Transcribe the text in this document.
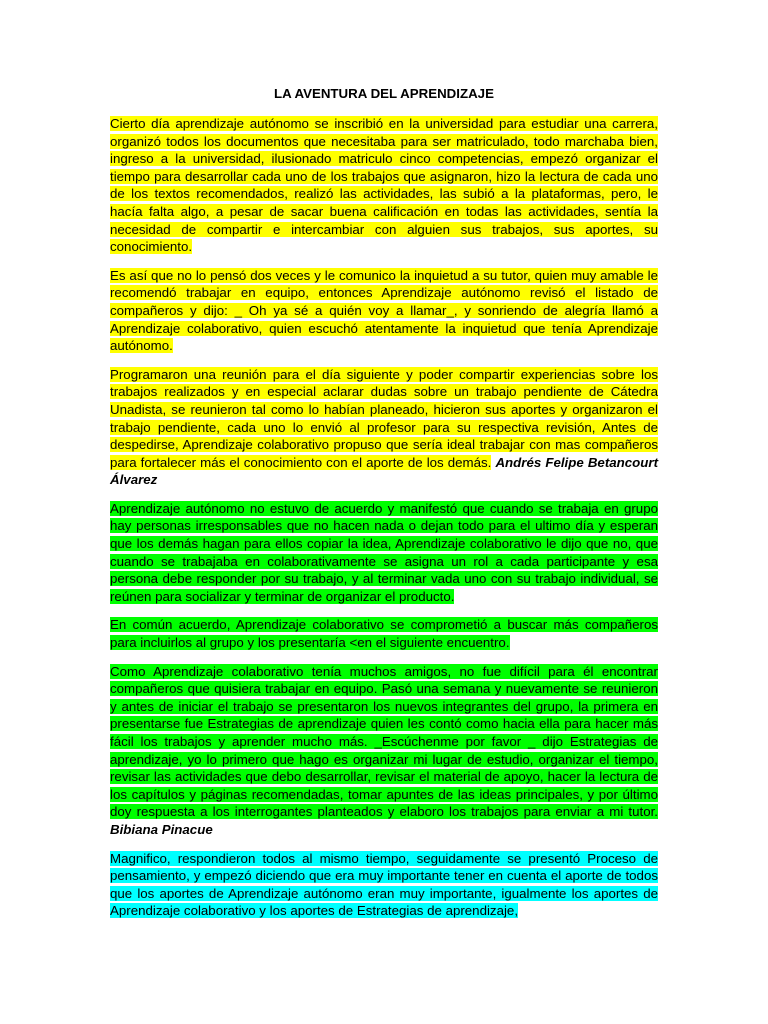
LA AVENTURA DEL APRENDIZAJE

Cierto día aprendizaje autónomo se inscribió en la universidad para estudiar una carrera, organizó todos los documentos que necesitaba para ser matriculado, todo marchaba bien, ingreso a la universidad, ilusionado matriculo cinco competencias, empezó organizar el tiempo para desarrollar cada uno de los trabajos que asignaron, hizo la lectura de cada uno de los textos recomendados, realizó las actividades, las subió a la plataformas, pero, le hacía falta algo, a pesar de sacar buena calificación en todas las actividades, sentía la necesidad de compartir e intercambiar con alguien sus trabajos, sus aportes, su conocimiento.

Es así que no lo pensó dos veces y le comunico la inquietud a su tutor, quien muy amable le recomendó trabajar en equipo, entonces Aprendizaje autónomo revisó el listado de compañeros y dijo: _ Oh ya sé a quién voy a llamar_, y sonriendo de alegría llamó a Aprendizaje colaborativo, quien escuchó atentamente la inquietud que tenía Aprendizaje autónomo.

Programaron una reunión para el día siguiente y poder compartir experiencias sobre los trabajos realizados y en especial aclarar dudas sobre un trabajo pendiente de Cátedra Unadista, se reunieron tal como lo habían planeado, hicieron sus aportes y organizaron el trabajo pendiente, cada uno lo envió al profesor para su respectiva revisión, Antes de despedirse, Aprendizaje colaborativo propuso que sería ideal trabajar con mas compañeros para fortalecer más el conocimiento con el aporte de los demás. Andrés Felipe Betancourt Álvarez

Aprendizaje autónomo no estuvo de acuerdo y manifestó que cuando se trabaja en grupo hay personas irresponsables que no hacen nada o dejan todo para el ultimo día y esperan que los demás hagan para ellos copiar la idea, Aprendizaje colaborativo le dijo que no, que cuando se trabajaba en colaborativamente se asigna un rol a cada participante y esa persona debe responder por su trabajo, y al terminar vada uno con su trabajo individual, se reúnen para socializar y terminar de organizar el producto.

En común acuerdo, Aprendizaje colaborativo se comprometió a buscar más compañeros para incluirlos al grupo y los presentaría <en el siguiente encuentro.

Como Aprendizaje colaborativo tenía muchos amigos, no fue difícil para él encontrar compañeros que quisiera trabajar en equipo. Pasó una semana y nuevamente se reunieron y antes de iniciar el trabajo se presentaron los nuevos integrantes del grupo, la primera en presentarse fue Estrategias de aprendizaje quien les contó como hacia ella para hacer más fácil los trabajos y aprender mucho más. _Escúchenme por favor _ dijo Estrategias de aprendizaje, yo lo primero que hago es organizar mi lugar de estudio, organizar el tiempo, revisar las actividades que debo desarrollar, revisar el material de apoyo, hacer la lectura de los capítulos y páginas recomendadas, tomar apuntes de las ideas principales, y por último doy respuesta a los interrogantes planteados y elaboro los trabajos para enviar a mi tutor. Bibiana Pinacue

Magnifico, respondieron todos al mismo tiempo, seguidamente se presentó Proceso de pensamiento, y empezó diciendo que era muy importante tener en cuenta el aporte de todos que los aportes de Aprendizaje autónomo eran muy importante, igualmente los aportes de Aprendizaje colaborativo y los aportes de Estrategias de aprendizaje,
